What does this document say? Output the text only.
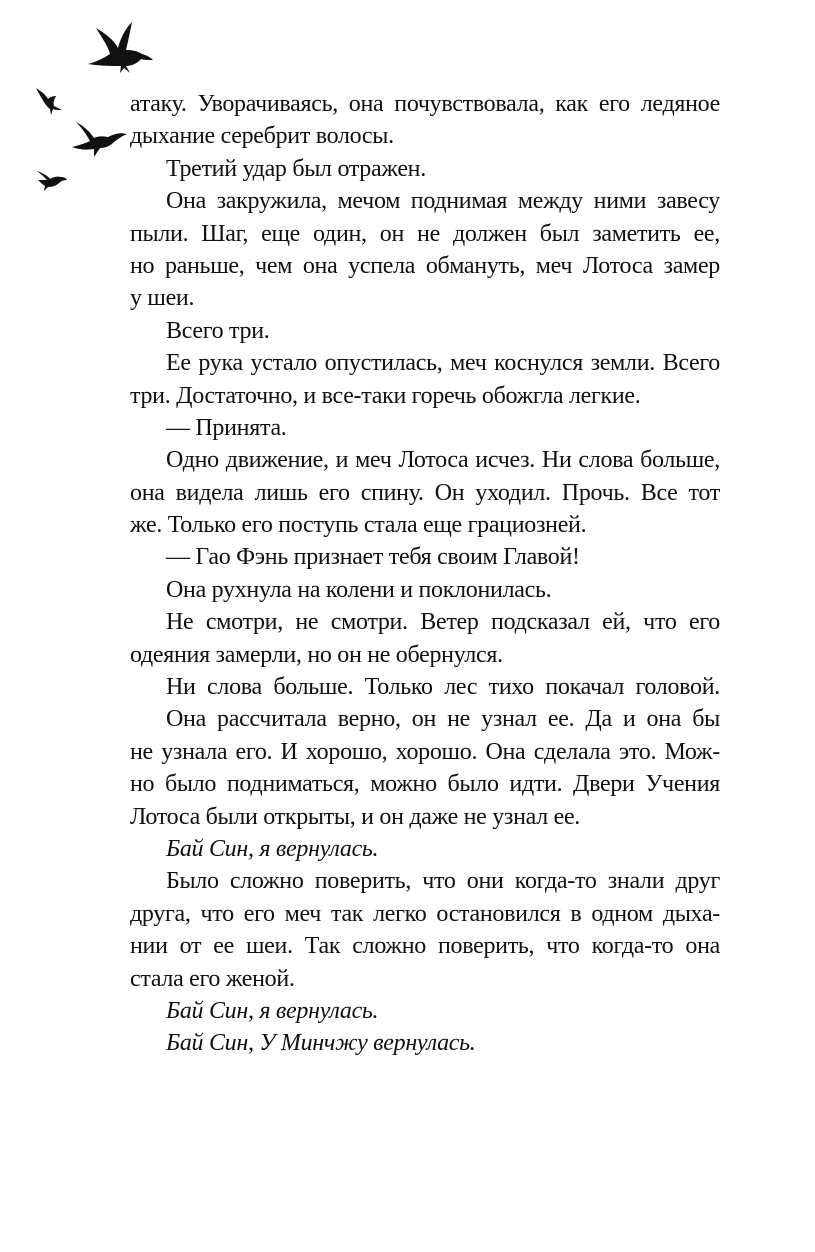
атаку. Уворачиваясь, она почувствовала, как его ледяное
дыхание серебрит волосы.
Третий удар был отражен.
Она закружила, мечом поднимая между ними завесу
пыли. Шаг, еще один, он не должен был заметить ее,
но раньше, чем она успела обмануть, меч Лотоса замер
у шеи.
Всего три.
Ее рука устало опустилась, меч коснулся земли. Всего
три. Достаточно, и все-таки горечь обожгла легкие.
— Принята.
Одно движение, и меч Лотоса исчез. Ни слова больше,
она видела лишь его спину. Он уходил. Прочь. Все тот
же. Только его поступь стала еще грациозней.
— Гао Фэнь признает тебя своим Главой!
Она рухнула на колени и поклонилась.
Не смотри, не смотри. Ветер подсказал ей, что его
одеяния замерли, но он не обернулся.
Ни слова больше. Только лес тихо покачал головой.
Она рассчитала верно, он не узнал ее. Да и она бы
не узнала его. И хорошо, хорошо. Она сделала это. Мож-
но было подниматься, можно было идти. Двери Учения
Лотоса были открыты, и он даже не узнал ее.
Бай Син, я вернулась.
Было сложно поверить, что они когда-то знали друг
друга, что его меч так легко остановился в одном дыха-
нии от ее шеи. Так сложно поверить, что когда-то она
стала его женой.
Бай Син, я вернулась.
Бай Син, У Минчжу вернулась.
